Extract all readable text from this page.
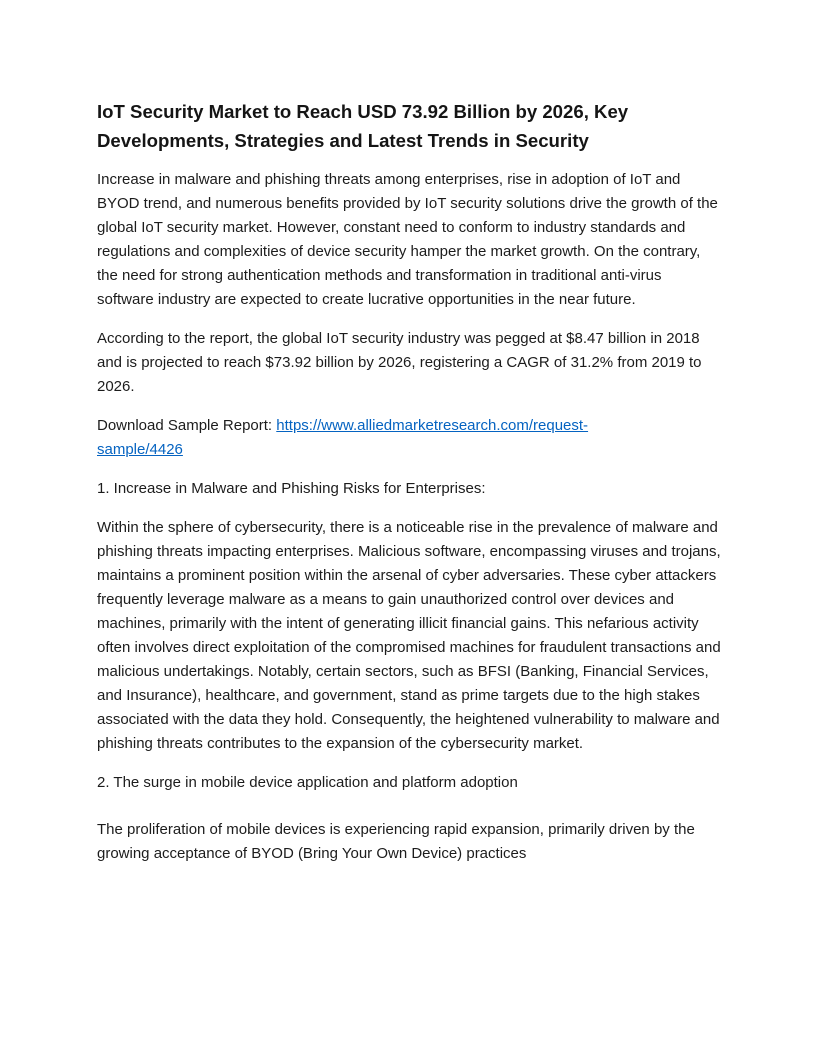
IoT Security Market to Reach USD 73.92 Billion by 2026, Key Developments, Strategies and Latest Trends in Security

Increase in malware and phishing threats among enterprises, rise in adoption of IoT and BYOD trend, and numerous benefits provided by IoT security solutions drive the growth of the global IoT security market. However, constant need to conform to industry standards and regulations and complexities of device security hamper the market growth. On the contrary, the need for strong authentication methods and transformation in traditional anti-virus software industry are expected to create lucrative opportunities in the near future.

According to the report, the global IoT security industry was pegged at $8.47 billion in 2018 and is projected to reach $73.92 billion by 2026, registering a CAGR of 31.2% from 2019 to 2026.

Download Sample Report: https://www.alliedmarketresearch.com/request-sample/4426

1. Increase in Malware and Phishing Risks for Enterprises:

Within the sphere of cybersecurity, there is a noticeable rise in the prevalence of malware and phishing threats impacting enterprises. Malicious software, encompassing viruses and trojans, maintains a prominent position within the arsenal of cyber adversaries. These cyber attackers frequently leverage malware as a means to gain unauthorized control over devices and machines, primarily with the intent of generating illicit financial gains. This nefarious activity often involves direct exploitation of the compromised machines for fraudulent transactions and malicious undertakings. Notably, certain sectors, such as BFSI (Banking, Financial Services, and Insurance), healthcare, and government, stand as prime targets due to the high stakes associated with the data they hold. Consequently, the heightened vulnerability to malware and phishing threats contributes to the expansion of the cybersecurity market.

2. The surge in mobile device application and platform adoption

The proliferation of mobile devices is experiencing rapid expansion, primarily driven by the growing acceptance of BYOD (Bring Your Own Device) practices
